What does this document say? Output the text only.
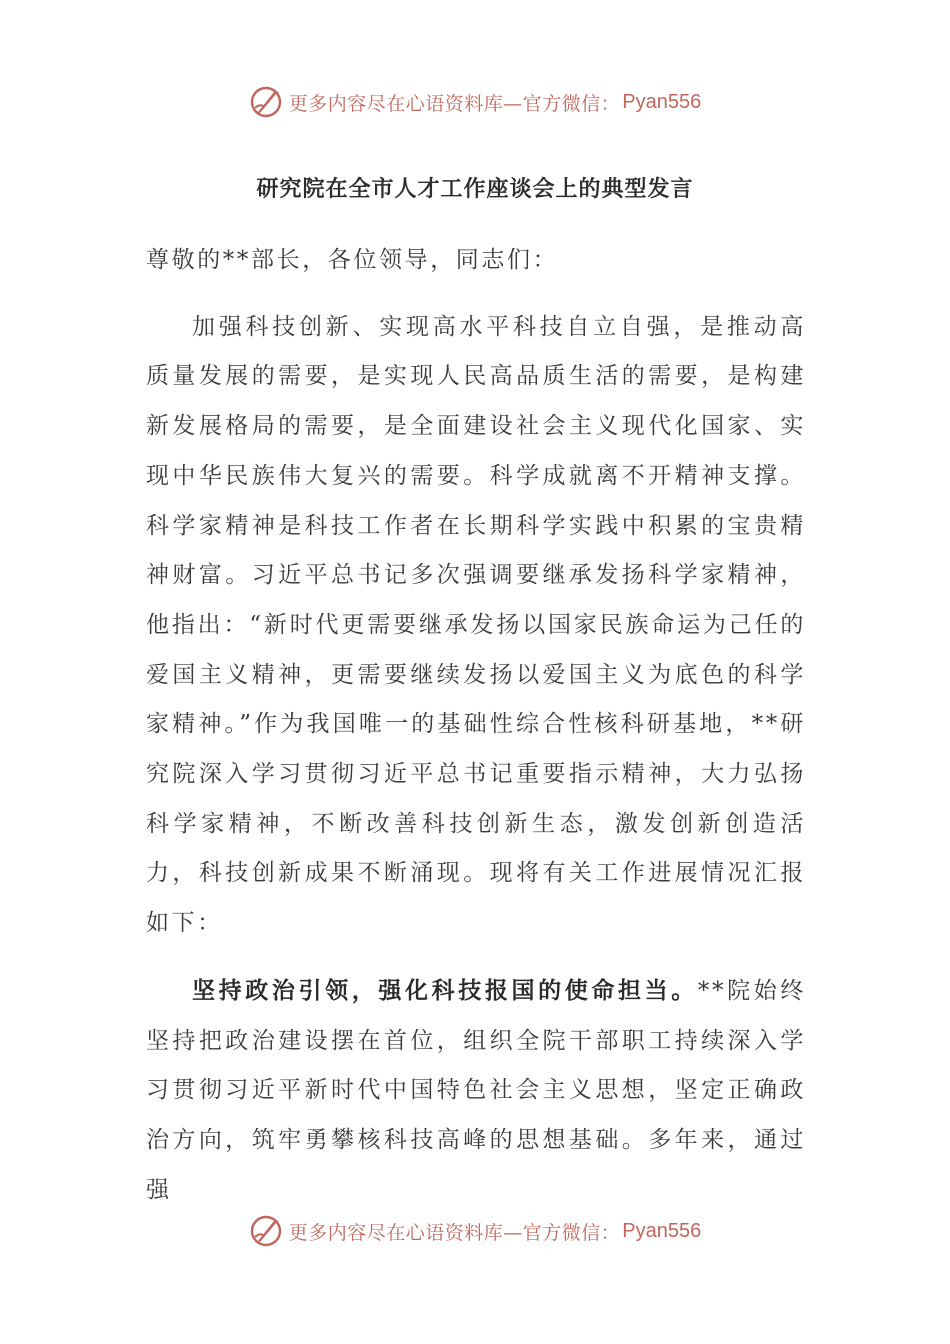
更多内容尽在心语资料库—官方微信： Pyan556
研究院在全市人才工作座谈会上的典型发言

尊敬的**部长，各位领导，同志们：

加强科技创新、实现高水平科技自立自强，是推动高质量发展的需要，是实现人民高品质生活的需要，是构建新发展格局的需要，是全面建设社会主义现代化国家、实现中华民族伟大复兴的需要。科学成就离不开精神支撑。科学家精神是科技工作者在长期科学实践中积累的宝贵精神财富。习近平总书记多次强调要继承发扬科学家精神，他指出：“新时代更需要继承发扬以国家民族命运为己任的爱国主义精神，更需要继续发扬以爱国主义为底色的科学家精神。”作为我国唯一的基础性综合性核科研基地，**研究院深入学习贯彻习近平总书记重要指示精神，大力弘扬科学家精神，不断改善科技创新生态，激发创新创造活力，科技创新成果不断涌现。现将有关工作进展情况汇报如下：

坚持政治引领，强化科技报国的使命担当。**院始终坚持把政治建设摆在首位，组织全院干部职工持续深入学习贯彻习近平新时代中国特色社会主义思想，坚定正确政治方向，筑牢勇攀核科技高峰的思想基础。多年来，通过强

更多内容尽在心语资料库—官方微信： Pyan556
